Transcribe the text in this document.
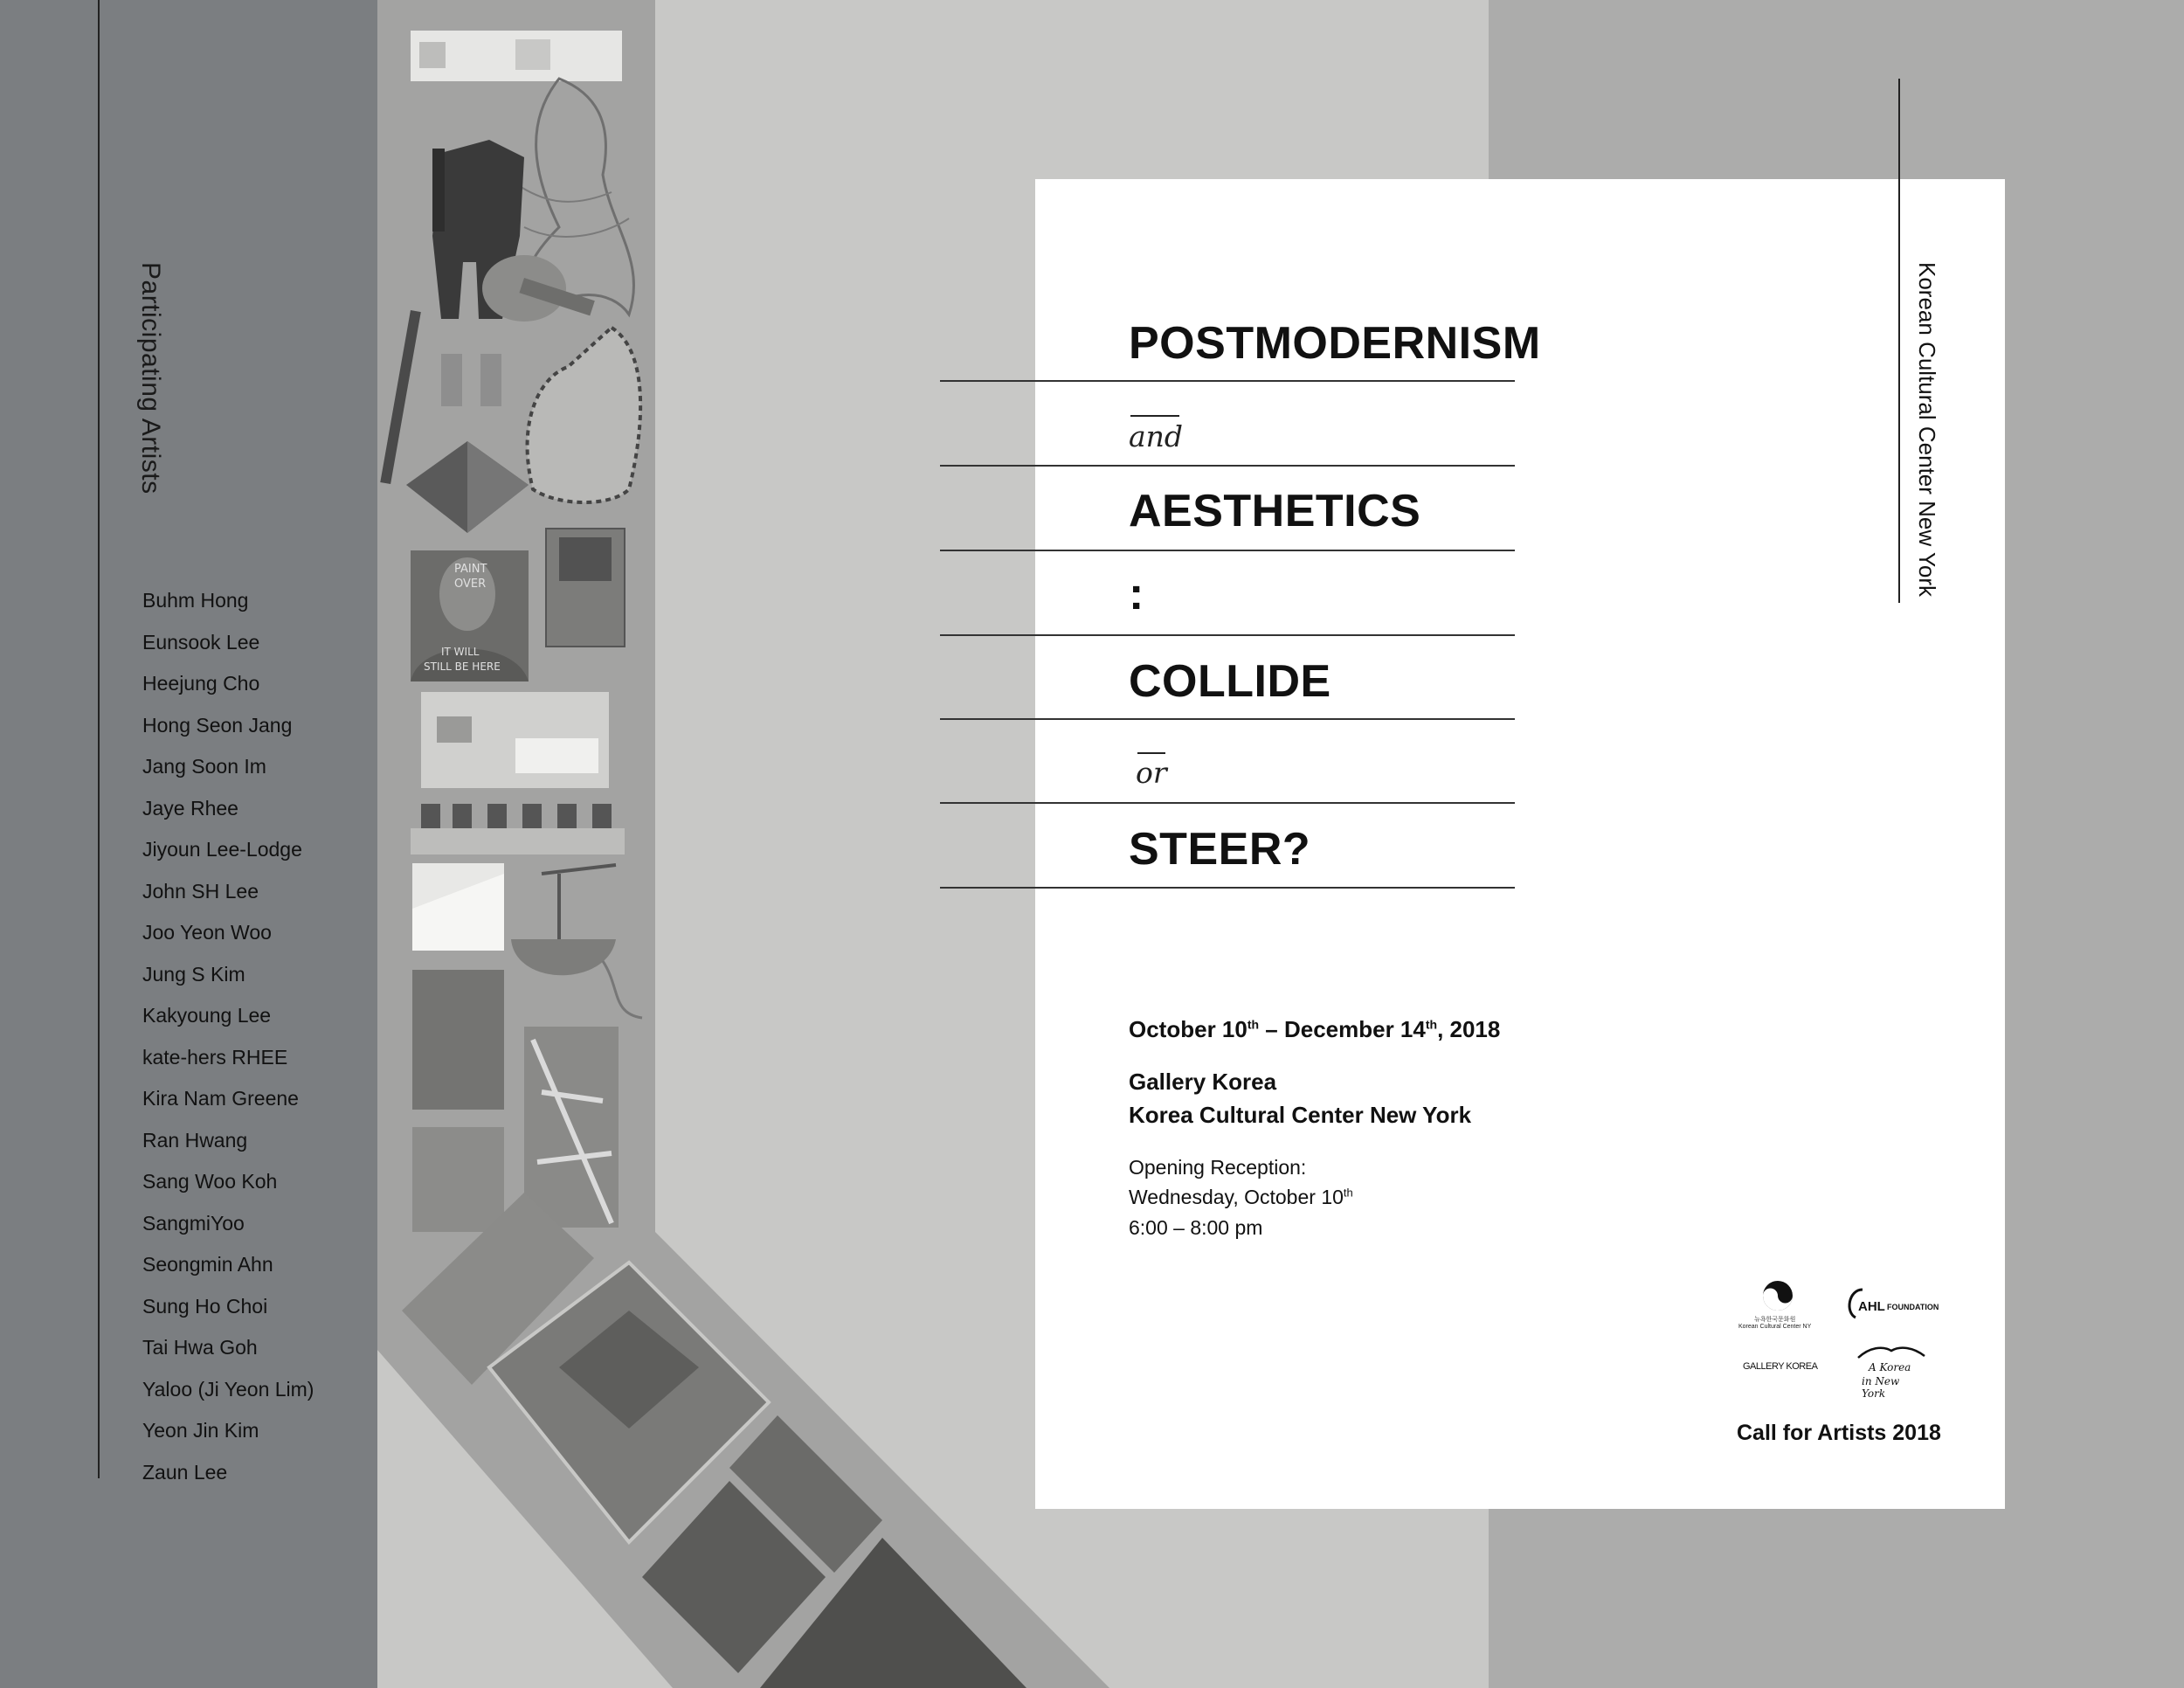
PAINT
OVER
IT WILL
STILL BE HERE
Participating Artists
Buhm Hong
Eunsook Lee
Heejung Cho
Hong Seon Jang
Jang Soon Im
Jaye Rhee
Jiyoun Lee-Lodge
John SH Lee
Joo Yeon Woo
Jung S Kim
Kakyoung Lee
kate-hers RHEE
Kira Nam Greene
Ran Hwang
Sang Woo Koh
SangmiYoo
Seongmin Ahn
Sung Ho Choi
Tai Hwa Goh
Yaloo (Ji Yeon Lim)
Yeon Jin Kim
Zaun Lee
POSTMODERNISM
and
AESTHETICS
:
COLLIDE
or
STEER?
October 10th – December 14th, 2018
Gallery Korea
Korea Cultural Center New York
Opening Reception:
Wednesday, October 10th
6:00 – 8:00 pm
Korean Cultural Center New York
뉴욕한국문화원
Korean Cultural Center NY
AHL FOUNDATION
GALLERY KOREA	A Korea
in New York
Call for Artists 2018
